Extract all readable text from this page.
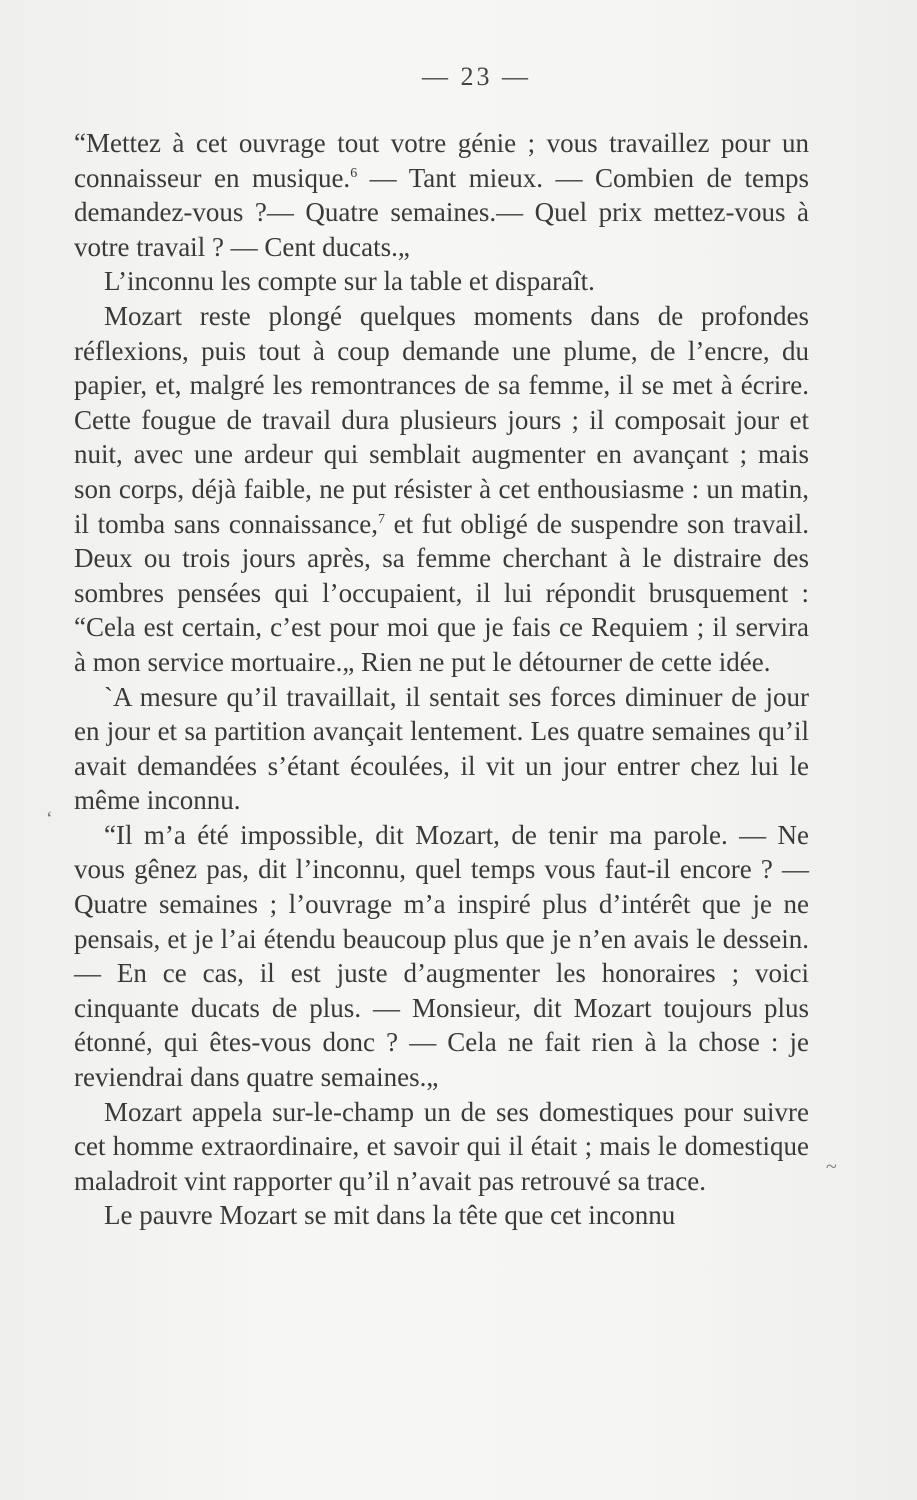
— 23 —

“Mettez à cet ouvrage tout votre génie ; vous travaillez pour un connaisseur en musique.$^6$ — Tant mieux. — Combien de temps demandez-vous ?— Quatre semaines.— Quel prix mettez-vous à votre travail ? — Cent ducats.„

L’inconnu les compte sur la table et disparaît.

Mozart reste plongé quelques moments dans de profondes réflexions, puis tout à coup demande une plume, de l’encre, du papier, et, malgré les remontrances de sa femme, il se met à écrire. Cette fougue de travail dura plusieurs jours ; il composait jour et nuit, avec une ardeur qui semblait augmenter en avançant ; mais son corps, déjà faible, ne put résister à cet enthousiasme : un matin, il tomba sans connaissance,$^7$ et fut obligé de suspendre son travail. Deux ou trois jours après, sa femme cherchant à le distraire des sombres pensées qui l’occupaient, il lui répondit brusquement : “Cela est certain, c’est pour moi que je fais ce Requiem ; il servira à mon service mortuaire.„ Rien ne put le détourner de cette idée.

`A mesure qu’il travaillait, il sentait ses forces diminuer de jour en jour et sa partition avançait lentement. Les quatre semaines qu’il avait demandées s’étant écoulées, il vit un jour entrer chez lui le même inconnu.

“Il m’a été impossible, dit Mozart, de tenir ma parole. — Ne vous gênez pas, dit l’inconnu, quel temps vous faut-il encore ? — Quatre semaines ; l’ouvrage m’a inspiré plus d’intérêt que je ne pensais, et je l’ai étendu beaucoup plus que je n’en avais le dessein. — En ce cas, il est juste d’augmenter les honoraires ; voici cinquante ducats de plus. — Monsieur, dit Mozart toujours plus étonné, qui êtes-vous donc ? — Cela ne fait rien à la chose : je reviendrai dans quatre semaines.„

Mozart appela sur-le-champ un de ses domestiques pour suivre cet homme extraordinaire, et savoir qui il était ; mais le domestique maladroit vint rapporter qu’il n’avait pas retrouvé sa trace.

Le pauvre Mozart se mit dans la tête que cet inconnu

ʻ
~
